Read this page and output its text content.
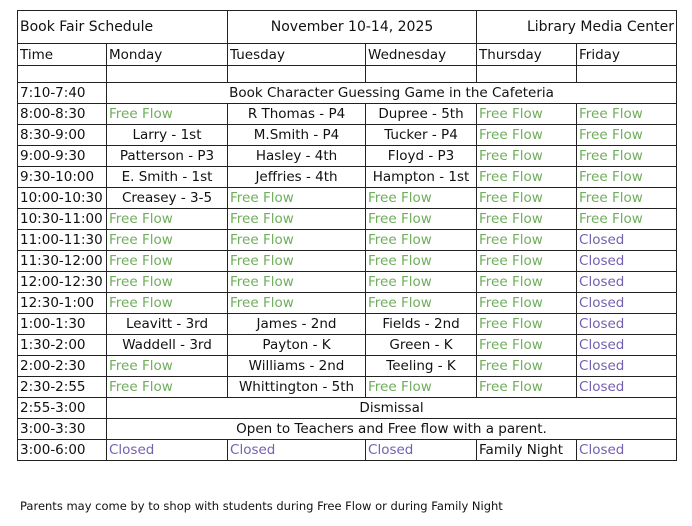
Book Fair Schedule		November 10-14, 2025		Library Media Center	
Time	Monday	Tuesday	Wednesday	Thursday	Friday

7:10-7:40	Book Character Guessing Game in the Cafeteria				
8:00-8:30	Free Flow	R Thomas - P4	Dupree - 5th	Free Flow	Free Flow
8:30-9:00	Larry - 1st	M.Smith - P4	Tucker - P4	Free Flow	Free Flow
9:00-9:30	Patterson - P3	Hasley - 4th	Floyd - P3	Free Flow	Free Flow
9:30-10:00	E. Smith - 1st	Jeffries - 4th	Hampton - 1st	Free Flow	Free Flow
10:00-10:30	Creasey - 3-5	Free Flow	Free Flow	Free Flow	Free Flow
10:30-11:00	Free Flow	Free Flow	Free Flow	Free Flow	Free Flow
11:00-11:30	Free Flow	Free Flow	Free Flow	Free Flow	Closed
11:30-12:00	Free Flow	Free Flow	Free Flow	Free Flow	Closed
12:00-12:30	Free Flow	Free Flow	Free Flow	Free Flow	Closed
12:30-1:00	Free Flow	Free Flow	Free Flow	Free Flow	Closed
1:00-1:30	Leavitt - 3rd	James - 2nd	Fields - 2nd	Free Flow	Closed
1:30-2:00	Waddell - 3rd	Payton - K	Green - K	Free Flow	Closed
2:00-2:30	Free Flow	Williams - 2nd	Teeling - K	Free Flow	Closed
2:30-2:55	Free Flow	Whittington - 5th	Free Flow	Free Flow	Closed
2:55-3:00	Dismissal				
3:00-3:30	Open to Teachers and Free flow with a parent.				
3:00-6:00	Closed	Closed	Closed	Family Night	Closed
Parents may come by to shop with students during Free Flow or during Family Night
